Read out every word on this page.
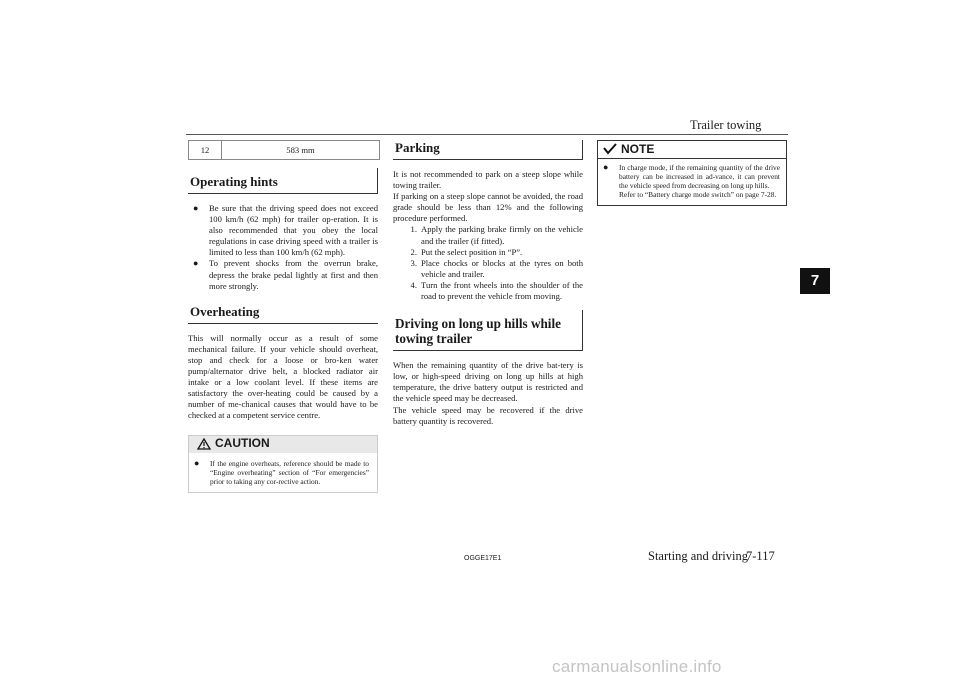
Trailer towing
7
12	583 mm
Operating hints
●	Be sure that the driving speed does not exceed 100 km/h (62 mph) for trailer op-eration. It is also recommended that you obey the local regulations in case driving speed with a trailer is limited to less than 100 km/h (62 mph).
●	To prevent shocks from the overrun brake, depress the brake pedal lightly at first and then more strongly.
Overheating

This will normally occur as a result of some mechanical failure. If your vehicle should overheat, stop and check for a loose or bro-ken water pump/alternator drive belt, a blocked radiator air intake or a low coolant level. If these items are satisfactory the over-heating could be caused by a number of me-chanical causes that would have to be checked at a competent service centre.

CAUTION
●	If the engine overheats, reference should be made to “Engine overheating” section of “For emergencies” prior to taking any cor-rective action.
Parking

It is not recommended to park on a steep slope while towing trailer.

If parking on a steep slope cannot be avoided, the road grade should be less than 12% and the following procedure performed.

1. Apply the parking brake firmly on the vehicle and the trailer (if fitted).
2. Put the select position in “P”.
3. Place chocks or blocks at the tyres on both vehicle and trailer.
4. Turn the front wheels into the shoulder of the road to prevent the vehicle from moving.
Driving on long up hills while towing trailer

When the remaining quantity of the drive bat-tery is low, or high-speed driving on long up hills at high temperature, the drive battery output is restricted and the vehicle speed may be decreased.

The vehicle speed may be recovered if the drive battery quantity is recovered.

NOTE
●	In charge mode, if the remaining quantity of the drive battery can be increased in ad-vance, it can prevent the vehicle speed from decreasing on long up hills.
Refer to “Battery charge mode switch” on page 7-28.
OGGE17E1	Starting and driving
7-117
carmanualsonline.info
